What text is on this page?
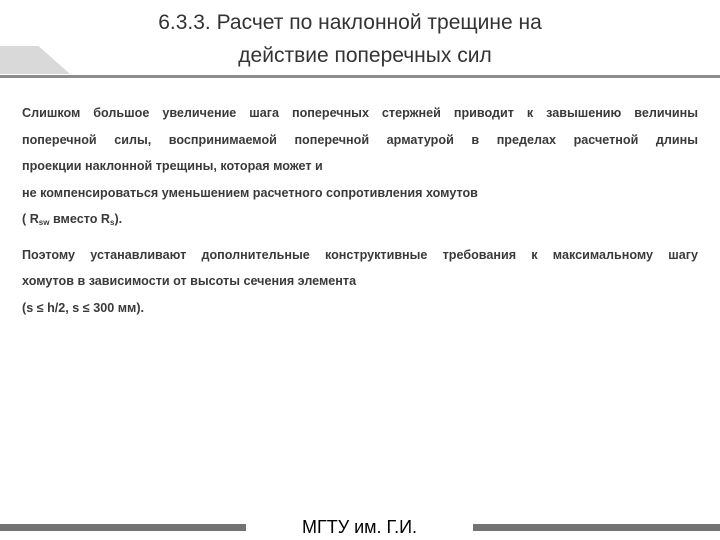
6.3.3. Расчет по наклонной трещине на
действие поперечных сил
Слишком большое увеличение шага поперечных стержней приводит к завышению величины
поперечной силы, воспринимаемой поперечной арматурой в пределах расчетной длины
проекции наклонной трещины, которая может и
не компенсироваться уменьшением расчетного сопротивления хомутов
( $R_{sw}$ вместо $R_s$).
Поэтому устанавливают дополнительные конструктивные требования к максимальному шагу
хомутов в зависимости от высоты сечения элемента
(s ≤ h/2, s ≤ 300 мм).
МГТУ им. Г.И.
